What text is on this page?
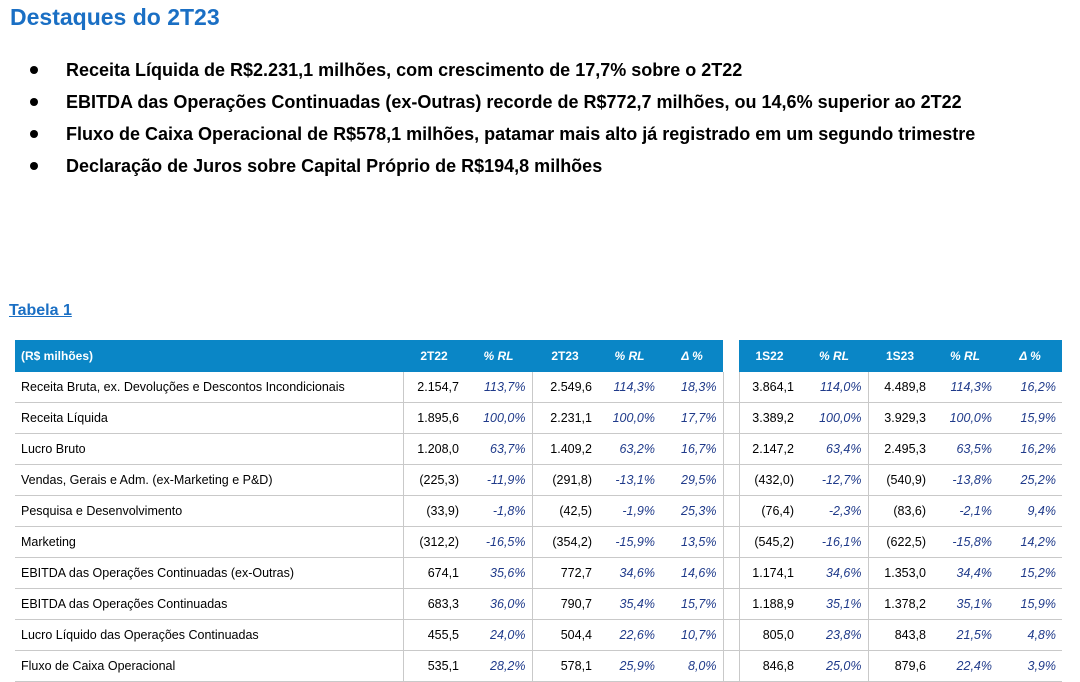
Destaques do 2T23
Receita Líquida de R$2.231,1 milhões, com crescimento de 17,7% sobre o 2T22
EBITDA das Operações Continuadas (ex-Outras) recorde de R$772,7 milhões, ou 14,6% superior ao 2T22
Fluxo de Caixa Operacional de R$578,1 milhões, patamar mais alto já registrado em um segundo trimestre
Declaração de Juros sobre Capital Próprio de R$194,8 milhões
Tabela 1
(R$ milhões)	2T22	% RL	2T23	% RL	Δ %		1S22	% RL	1S23	% RL	Δ %
Receita Bruta, ex. Devoluções e Descontos Incondicionais	2.154,7	113,7%	2.549,6	114,3%	18,3%		3.864,1	114,0%	4.489,8	114,3%	16,2%
Receita Líquida	1.895,6	100,0%	2.231,1	100,0%	17,7%		3.389,2	100,0%	3.929,3	100,0%	15,9%
Lucro Bruto	1.208,0	63,7%	1.409,2	63,2%	16,7%		2.147,2	63,4%	2.495,3	63,5%	16,2%
Vendas, Gerais e Adm. (ex-Marketing e P&D)	(225,3)	-11,9%	(291,8)	-13,1%	29,5%		(432,0)	-12,7%	(540,9)	-13,8%	25,2%
Pesquisa e Desenvolvimento	(33,9)	-1,8%	(42,5)	-1,9%	25,3%		(76,4)	-2,3%	(83,6)	-2,1%	9,4%
Marketing	(312,2)	-16,5%	(354,2)	-15,9%	13,5%		(545,2)	-16,1%	(622,5)	-15,8%	14,2%
EBITDA das Operações Continuadas (ex-Outras)	674,1	35,6%	772,7	34,6%	14,6%		1.174,1	34,6%	1.353,0	34,4%	15,2%
EBITDA das Operações Continuadas	683,3	36,0%	790,7	35,4%	15,7%		1.188,9	35,1%	1.378,2	35,1%	15,9%
Lucro Líquido das Operações Continuadas	455,5	24,0%	504,4	22,6%	10,7%		805,0	23,8%	843,8	21,5%	4,8%
Fluxo de Caixa Operacional	535,1	28,2%	578,1	25,9%	8,0%		846,8	25,0%	879,6	22,4%	3,9%
